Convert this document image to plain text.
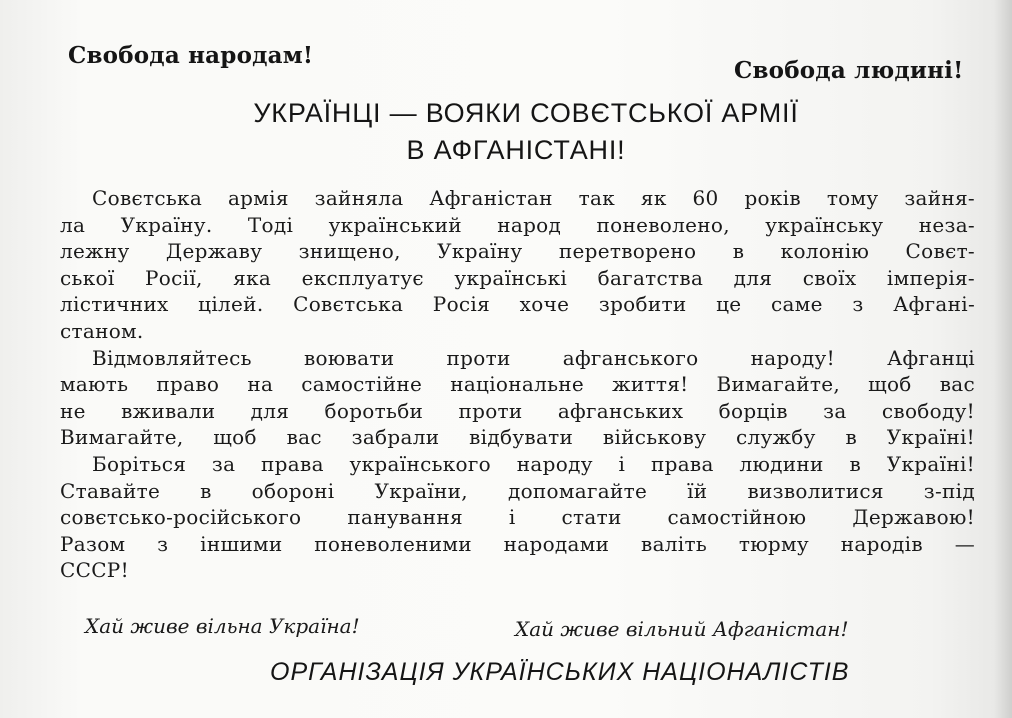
Свобода народам!
Свобода людині!
УКРАЇНЦІ — ВОЯКИ СОВЄТСЬКОЇ АРМІЇ
В АФГАНІСТАНІ!
Совєтська армія зайняла Афганістан так як 60 років тому зайня-
ла Україну. Тоді український народ поневолено, українську неза-
лежну Державу знищено, Україну перетворено в колонію Совєт-
ської Росії, яка експлуатує українські багатства для своїх імперія-
лістичних цілей. Совєтська Росія хоче зробити це саме з Афгані-
станом.
Відмовляйтесь воювати проти афганського народу! Афганці
мають право на самостійне національне життя! Вимагайте, щоб вас
не вживали для боротьби проти афганських борців за свободу!
Вимагайте, щоб вас забрали відбувати військову службу в Україні!
Боріться за права українського народу і права людини в Україні!
Ставайте в обороні України, допомагайте їй визволитися з-під
совєтсько-російського панування і стати самостійною Державою!
Разом з іншими поневоленими народами валіть тюрму народів —
СССР!
Хай живе вільна Україна!	Хай живе вільний Афганістан!
ОРГАНІЗАЦІЯ УКРАЇНСЬКИХ НАЦІОНАЛІСТІВ
